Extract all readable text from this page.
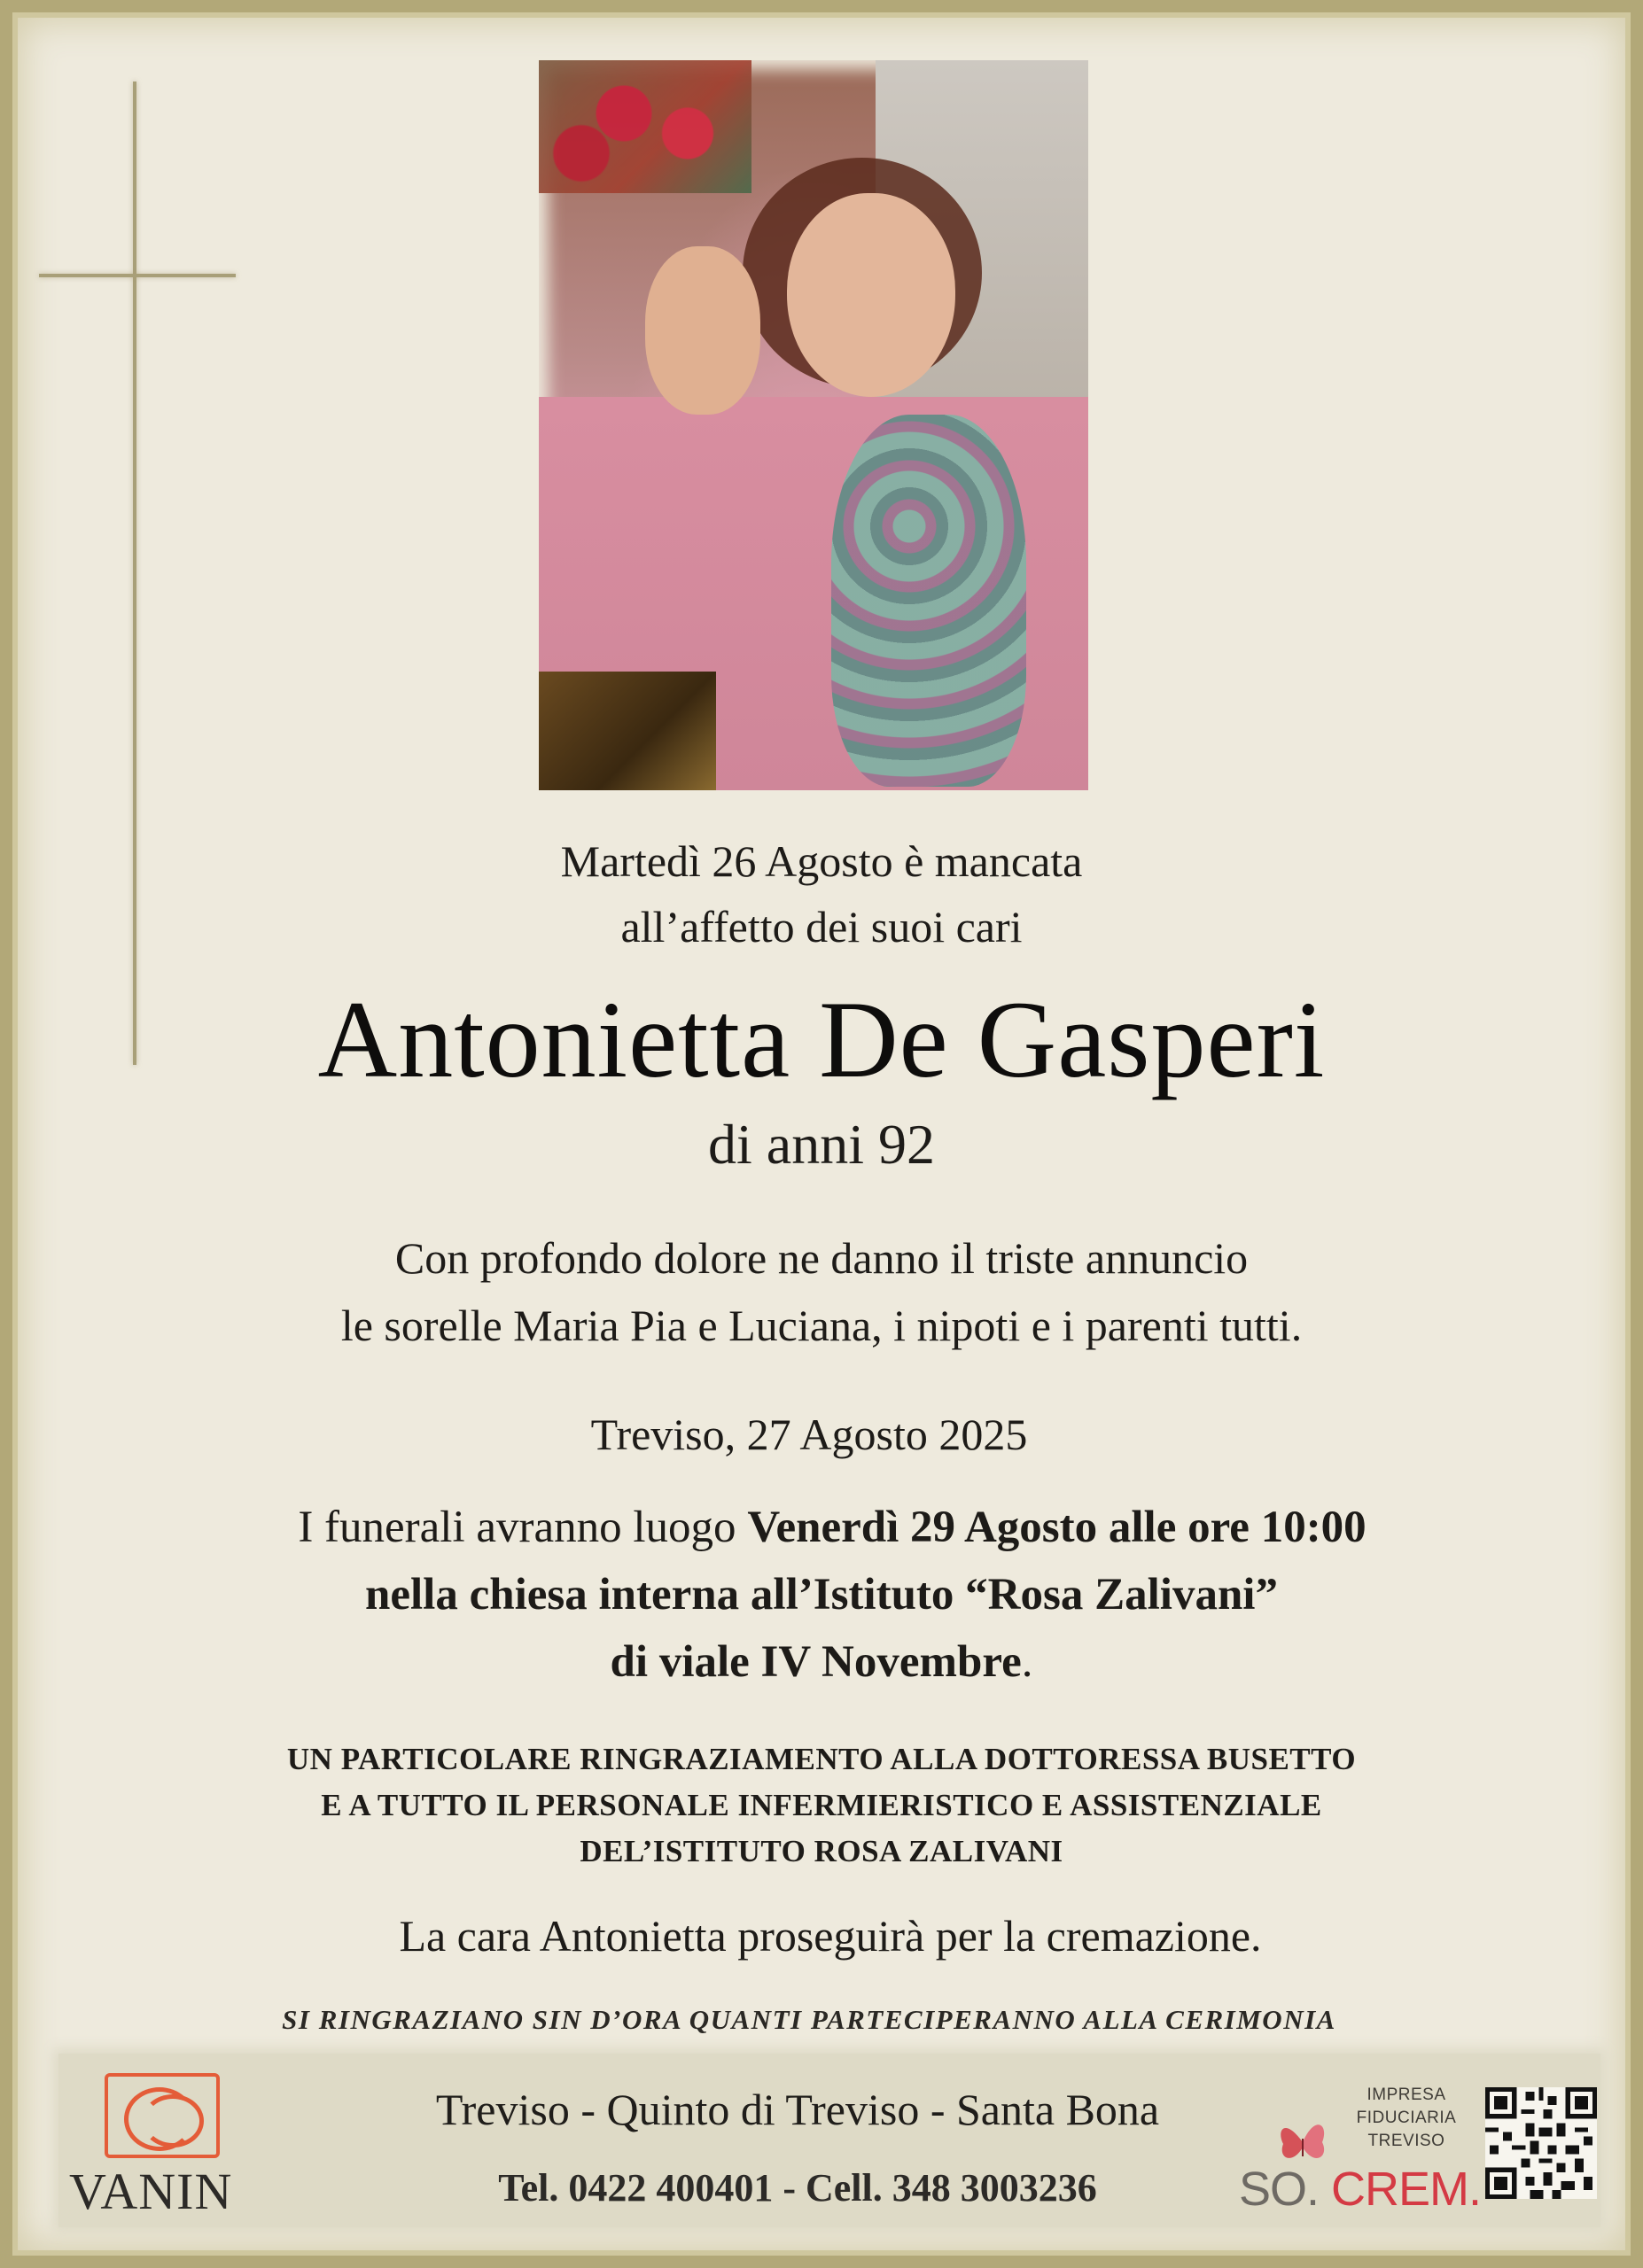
Martedì 26 Agosto è mancata
all’affetto dei suoi cari
Antonietta De Gasperi
di anni 92
Con profondo dolore ne danno il triste annuncio
le sorelle Maria Pia e Luciana, i nipoti e i parenti tutti.
Treviso, 27 Agosto 2025
I funerali avranno luogo Venerdì 29 Agosto alle ore 10:00
nella chiesa interna all’Istituto “Rosa Zalivani”
di viale IV Novembre.
UN PARTICOLARE RINGRAZIAMENTO ALLA DOTTORESSA BUSETTO
E A TUTTO IL PERSONALE INFERMIERISTICO E ASSISTENZIALE
DEL’ISTITUTO ROSA ZALIVANI
La cara Antonietta proseguirà per la cremazione.
SI RINGRAZIANO SIN D’ORA QUANTI PARTECIPERANNO ALLA CERIMONIA
VANIN
Treviso - Quinto di Treviso - Santa Bona
Tel. 0422 400401 - Cell. 348 3003236
IMPRESA
FIDUCIARIA
TREVISO
SO. CREM.
